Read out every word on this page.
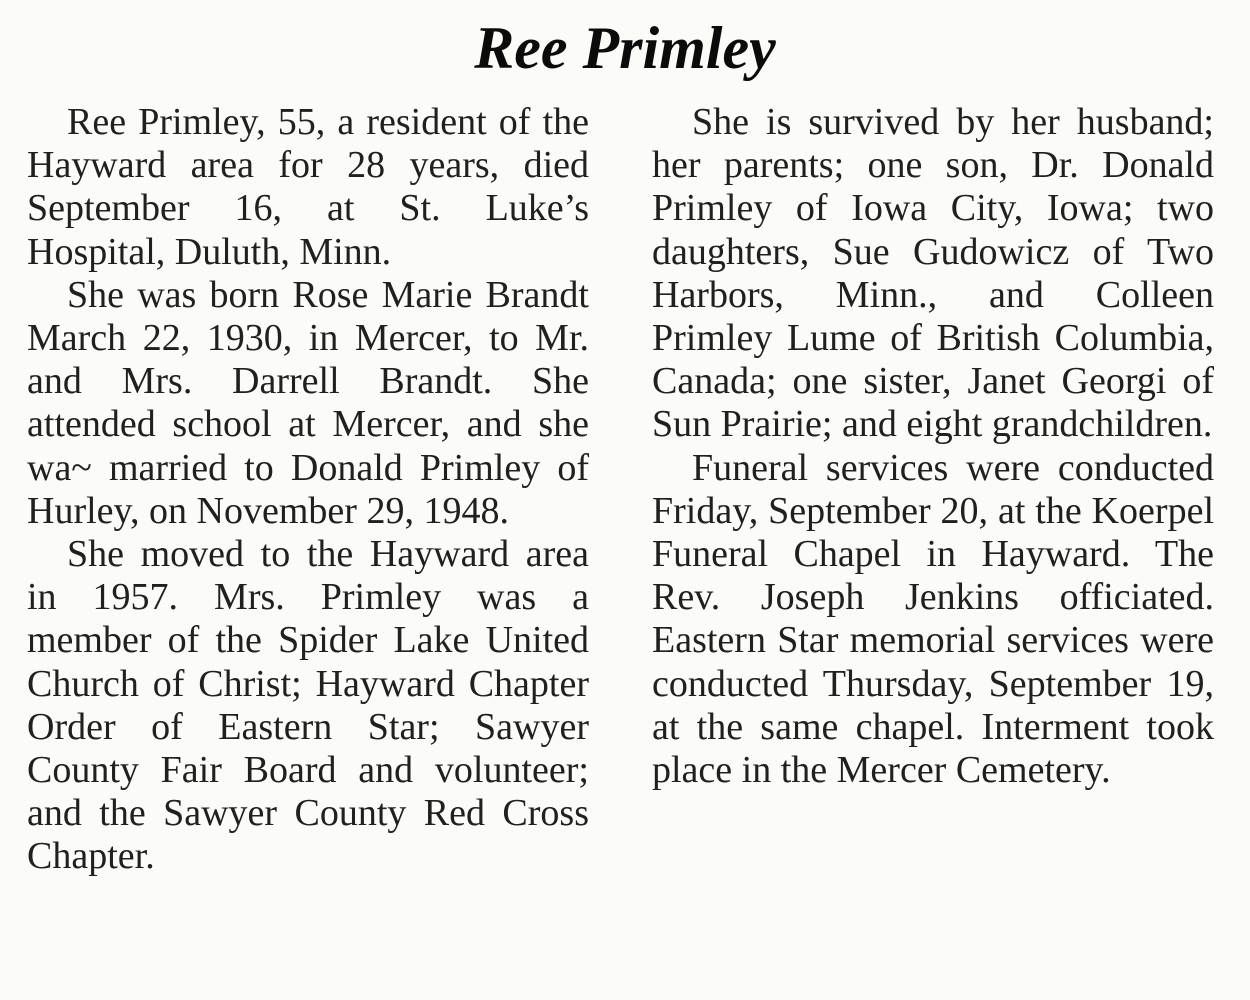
Ree Primley

Ree Primley, 55, a resident of the Hayward area for 28 years, died September 16, at St. Luke’s Hospital, Duluth, Minn.

She was born Rose Marie Brandt March 22, 1930, in Mercer, to Mr. and Mrs. Darrell Brandt. She attended school at Mercer, and she wa~ married to Donald Primley of Hurley, on November 29, 1948.

She moved to the Hayward area in 1957. Mrs. Primley was a member of the Spider Lake United Church of Christ; Hayward Chapter Order of Eastern Star; Sawyer County Fair Board and volunteer; and the Sawyer County Red Cross Chapter.

She is survived by her husband; her parents; one son, Dr. Donald Primley of Iowa City, Iowa; two daughters, Sue Gudowicz of Two Harbors, Minn., and Colleen Primley Lume of British Columbia, Canada; one sister, Janet Georgi of Sun Prairie; and eight grandchildren.

Funeral services were conducted Friday, September 20, at the Koerpel Funeral Chapel in Hayward. The Rev. Joseph Jenkins officiated. Eastern Star memorial services were conducted Thursday, September 19, at the same chapel. Interment took place in the Mercer Cemetery.
